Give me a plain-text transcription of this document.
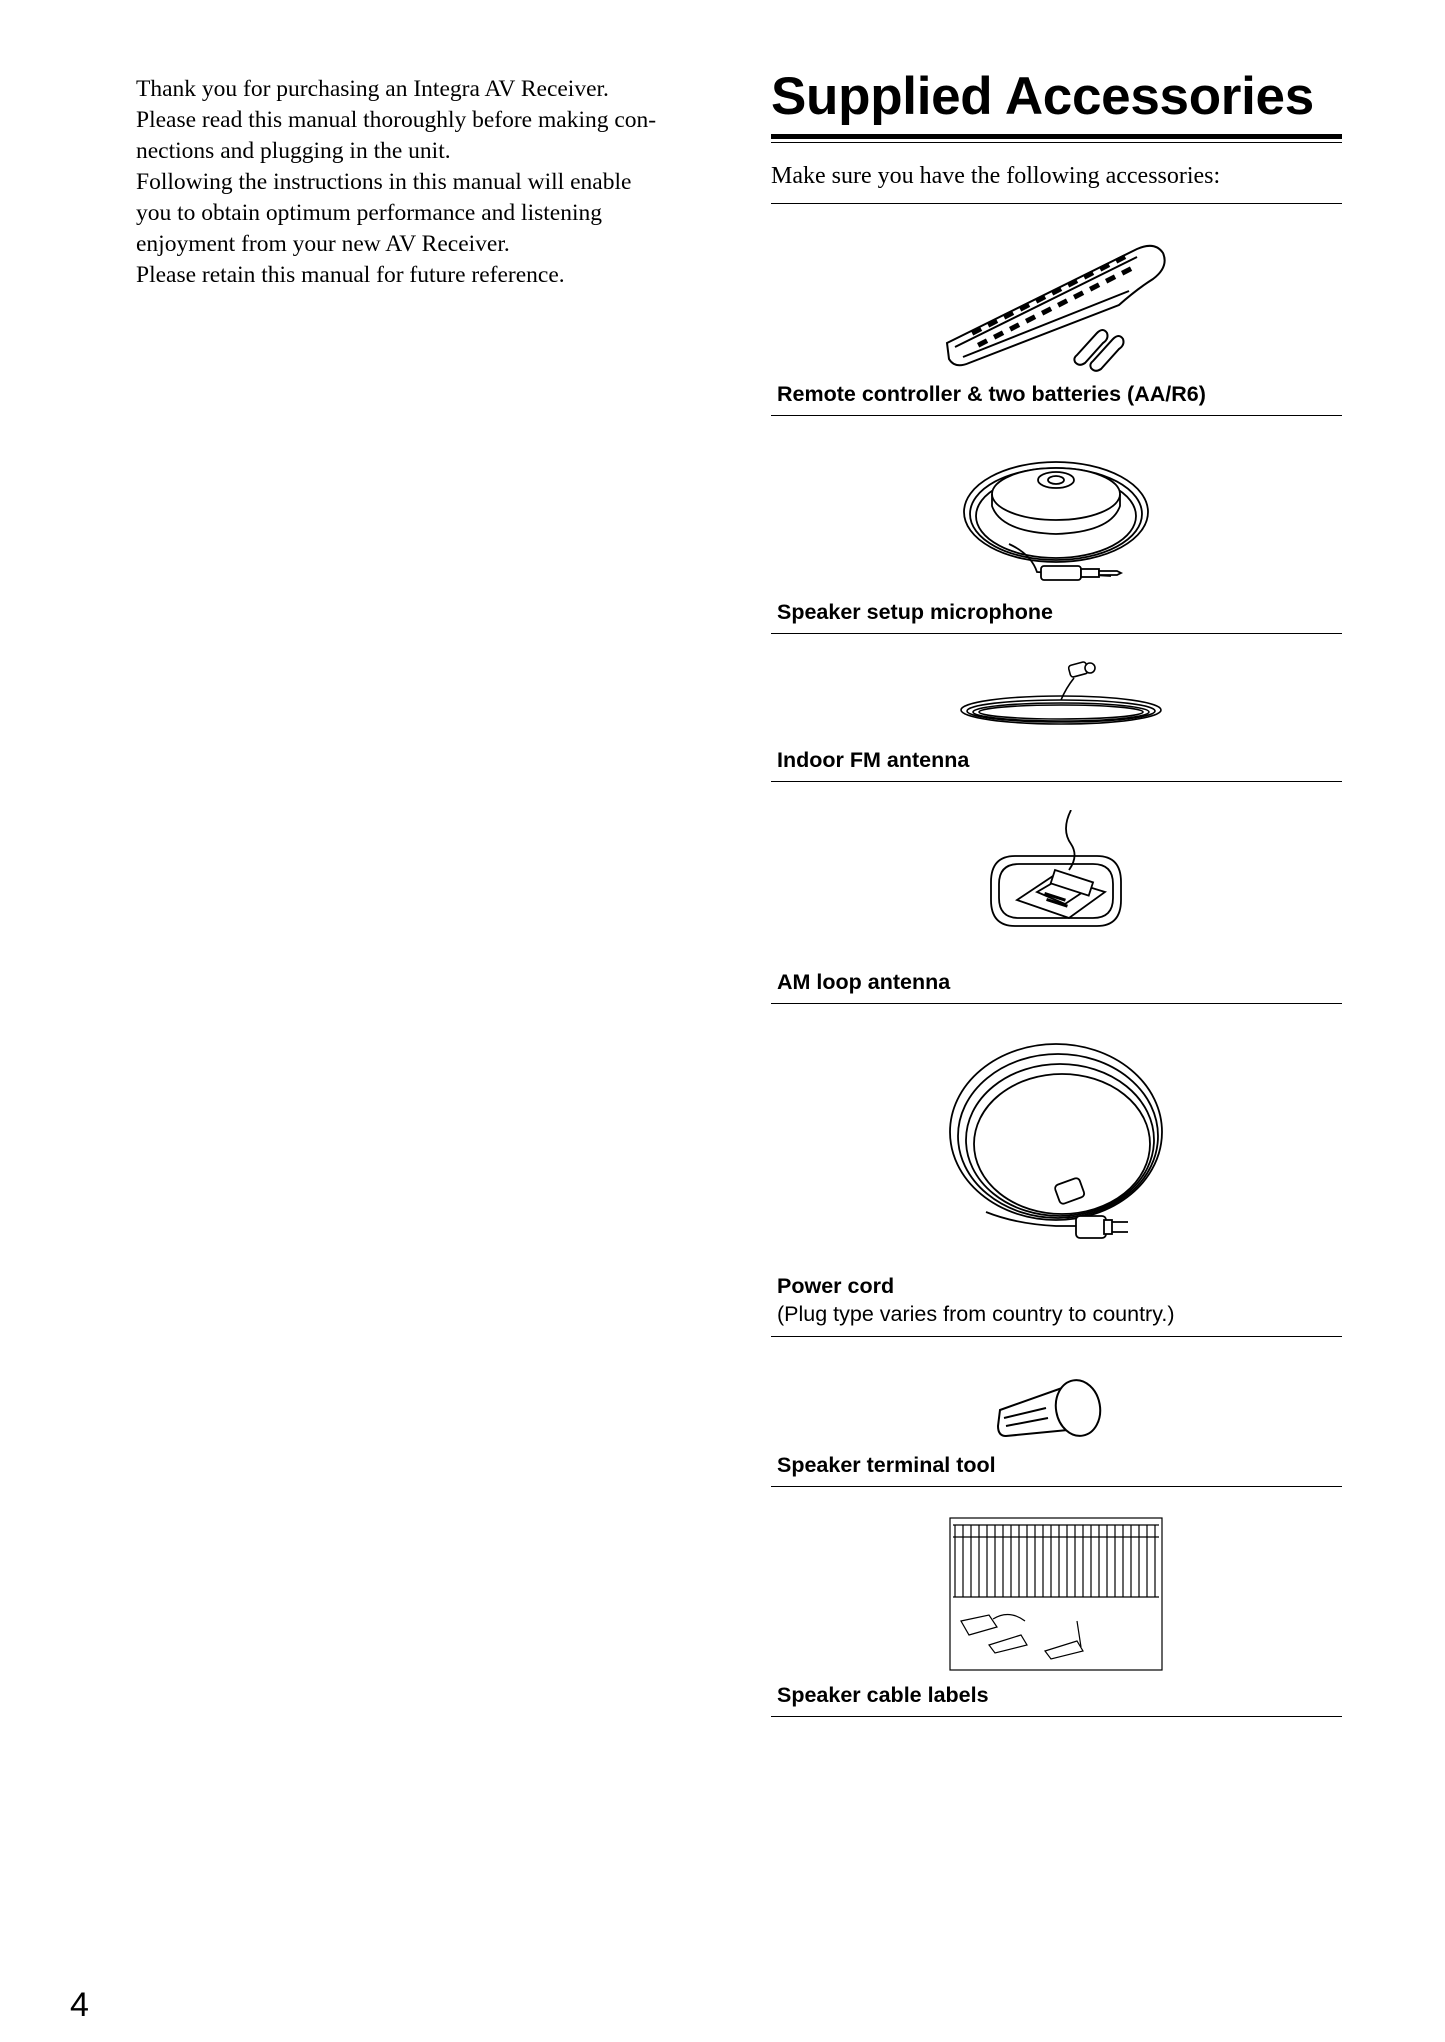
Thank you for purchasing an Integra AV Receiver.

Please read this manual thoroughly before making con-

nections and plugging in the unit.

Following the instructions in this manual will enable

you to obtain optimum performance and listening

enjoyment from your new AV Receiver.

Please retain this manual for future reference.

Supplied Accessories
Make sure you have the following accessories:
Remote controller & two batteries (AA/R6)
Speaker setup microphone
Indoor FM antenna
AM loop antenna
Power cord
(Plug type varies from country to country.)
Speaker terminal tool
Speaker cable labels
4
